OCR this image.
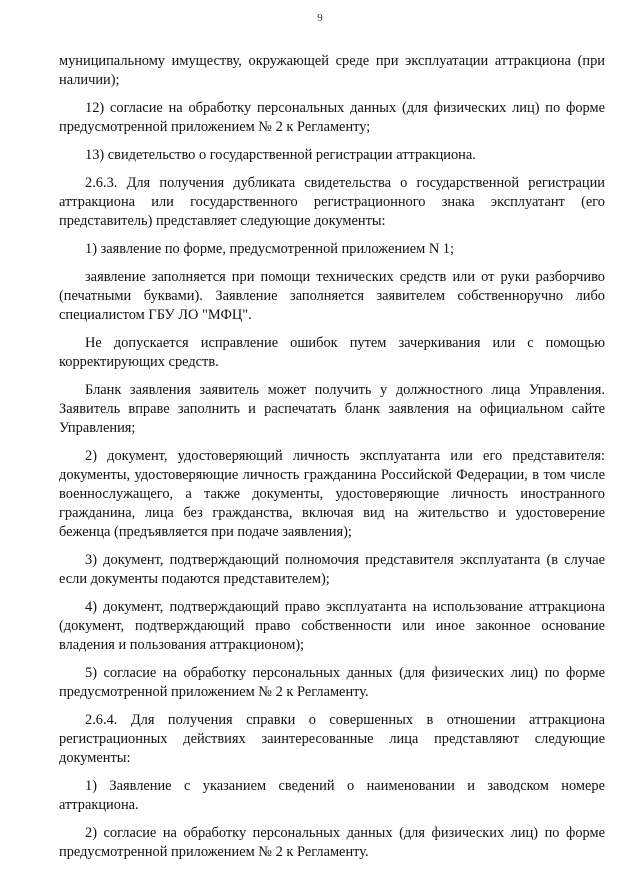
9

муниципальному имуществу, окружающей среде при эксплуатации аттракциона (при наличии);

12) согласие на обработку персональных данных (для физических лиц) по форме предусмотренной приложением № 2 к Регламенту;

13) свидетельство о государственной регистрации аттракциона.

2.6.3. Для получения дубликата свидетельства о государственной регистрации аттракциона или государственного регистрационного знака эксплуатант (его представитель) представляет следующие документы:

1) заявление по форме, предусмотренной приложением N 1;

заявление заполняется при помощи технических средств или от руки разборчиво (печатными буквами). Заявление заполняется заявителем собственноручно либо специалистом ГБУ ЛО "МФЦ".

Не допускается исправление ошибок путем зачеркивания или с помощью корректирующих средств.

Бланк заявления заявитель может получить у должностного лица Управления. Заявитель вправе заполнить и распечатать бланк заявления на официальном сайте Управления;

2) документ, удостоверяющий личность эксплуатанта или его представителя: документы, удостоверяющие личность гражданина Российской Федерации, в том числе военнослужащего, а также документы, удостоверяющие личность иностранного гражданина, лица без гражданства, включая вид на жительство и удостоверение беженца (предъявляется при подаче заявления);

3) документ, подтверждающий полномочия представителя эксплуатанта (в случае если документы подаются представителем);

4) документ, подтверждающий право эксплуатанта на использование аттракциона (документ, подтверждающий право собственности или иное законное основание владения и пользования аттракционом);

5) согласие на обработку персональных данных (для физических лиц) по форме предусмотренной приложением № 2 к Регламенту.

2.6.4. Для получения справки о совершенных в отношении аттракциона регистрационных действиях заинтересованные лица представляют следующие документы:

1) Заявление с указанием сведений о наименовании и заводском номере аттракциона.

2) согласие на обработку персональных данных (для физических лиц) по форме предусмотренной приложением № 2 к Регламенту.
